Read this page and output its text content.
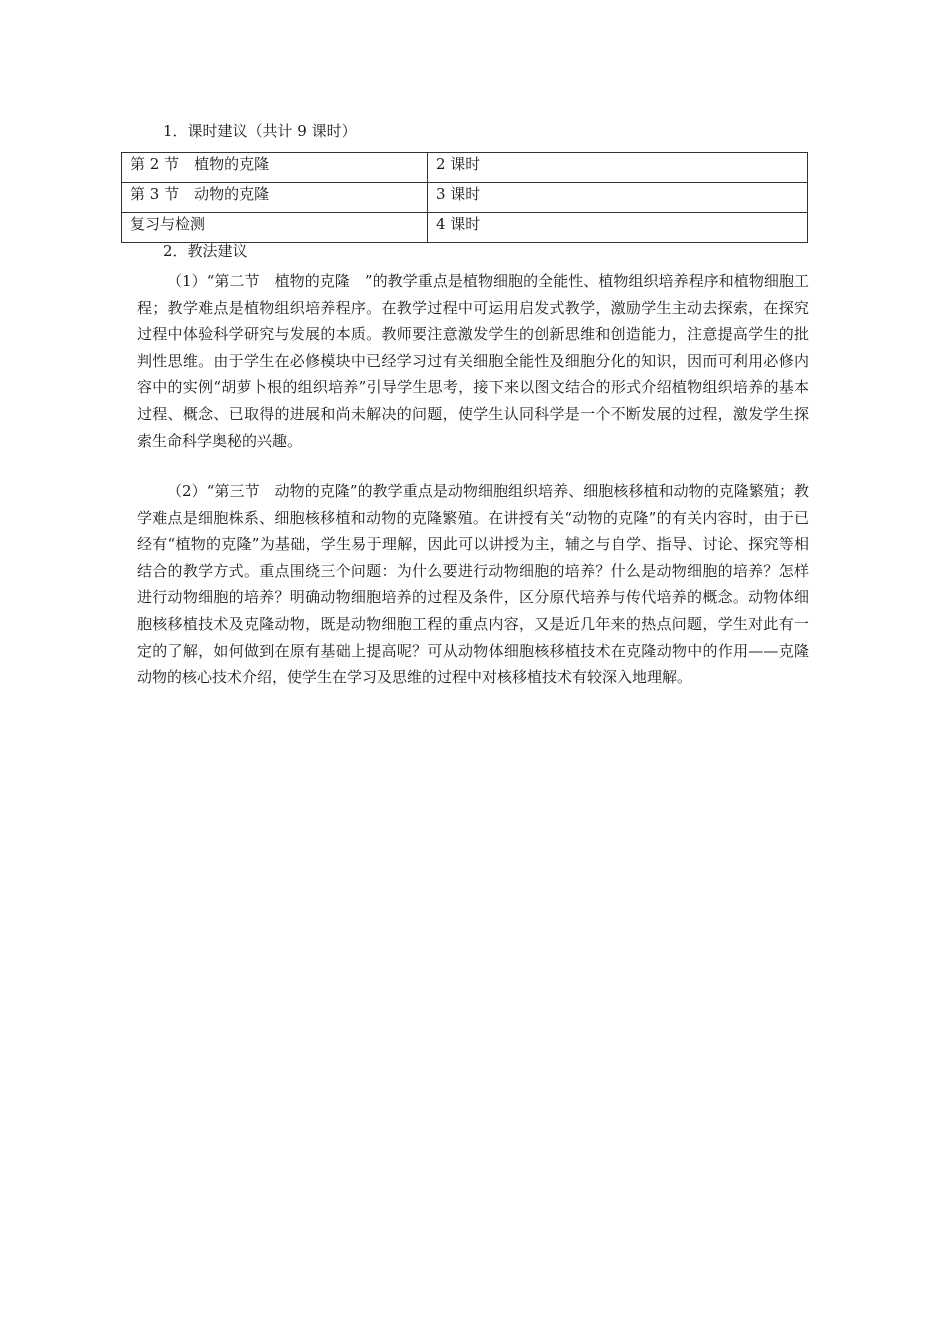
1．课时建议（共计 9 课时）
第 2 节　植物的克隆	2 课时
第 3 节　动物的克隆	3 课时
复习与检测	4 课时
2．教法建议

（1）“第二节　植物的克隆　”的教学重点是植物细胞的全能性、植物组织培养程序和植物细胞工程；教学难点是植物组织培养程序。在教学过程中可运用启发式教学，激励学生主动去探索，在探究过程中体验科学研究与发展的本质。教师要注意激发学生的创新思维和创造能力，注意提高学生的批判性思维。由于学生在必修模块中已经学习过有关细胞全能性及细胞分化的知识，因而可利用必修内容中的实例“胡萝卜根的组织培养”引导学生思考，接下来以图文结合的形式介绍植物组织培养的基本过程、概念、已取得的进展和尚未解决的问题，使学生认同科学是一个不断发展的过程，激发学生探索生命科学奥秘的兴趣。

（2）“第三节　动物的克隆”的教学重点是动物细胞组织培养、细胞核移植和动物的克隆繁殖；教学难点是细胞株系、细胞核移植和动物的克隆繁殖。在讲授有关“动物的克隆”的有关内容时，由于已经有“植物的克隆”为基础，学生易于理解，因此可以讲授为主，辅之与自学、指导、讨论、探究等相结合的教学方式。重点围绕三个问题：为什么要进行动物细胞的培养？什么是动物细胞的培养？怎样进行动物细胞的培养？明确动物细胞培养的过程及条件，区分原代培养与传代培养的概念。动物体细胞核移植技术及克隆动物，既是动物细胞工程的重点内容，又是近几年来的热点问题，学生对此有一定的了解，如何做到在原有基础上提高呢？可从动物体细胞核移植技术在克隆动物中的作用——克隆动物的核心技术介绍，使学生在学习及思维的过程中对核移植技术有较深入地理解。
